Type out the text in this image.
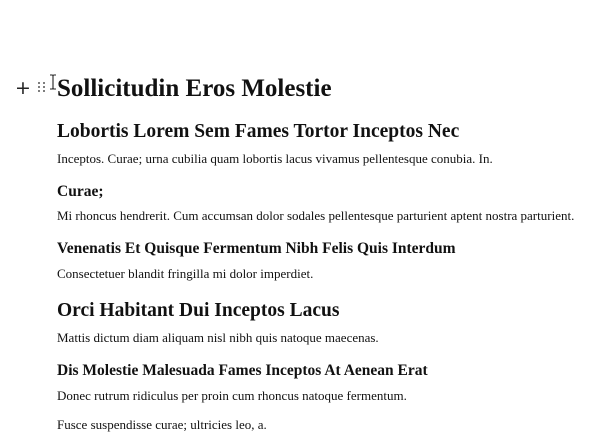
+ Sollicitudin Eros Molestie
Lobortis Lorem Sem Fames Tortor Inceptos Nec

Inceptos. Curae; urna cubilia quam lobortis lacus vivamus pellentesque conubia. In.

Curae;

Mi rhoncus hendrerit. Cum accumsan dolor sodales pellentesque parturient aptent nostra parturient.

Venenatis Et Quisque Fermentum Nibh Felis Quis Interdum

Consectetuer blandit fringilla mi dolor imperdiet.

Orci Habitant Dui Inceptos Lacus

Mattis dictum diam aliquam nisl nibh quis natoque maecenas.

Dis Molestie Malesuada Fames Inceptos At Aenean Erat

Donec rutrum ridiculus per proin cum rhoncus natoque fermentum.

Fusce suspendisse curae; ultricies leo, a.
